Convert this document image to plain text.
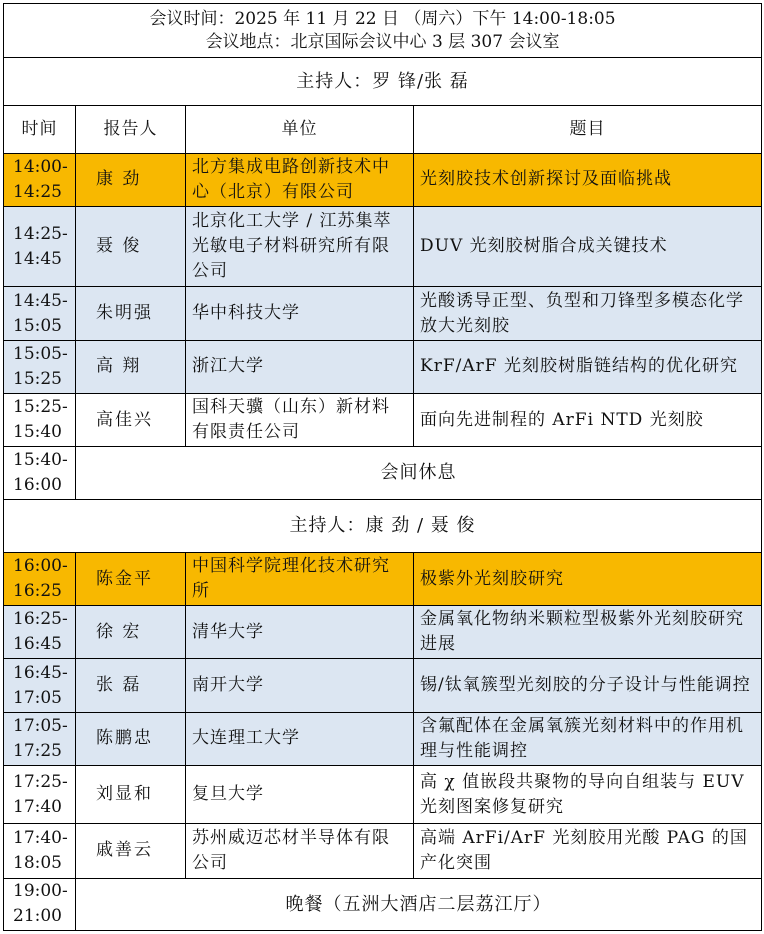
会议时间：2025 年 11 月 22 日 （周六）下午 14:00-18:05
会议地点：北京国际会议中心 3 层 307 会议室			

主持人：罗 锋/张 磊			
时间	报告人	单位	题目

14:00-
14:25	康 劲	北方集成电路创新技术中心（北京）有限公司	光刻胶技术创新探讨及面临挑战

14:25-
14:45	聂 俊	北京化工大学 / 江苏集萃光敏电子材料研究所有限公司	DUV 光刻胶树脂合成关键技术

14:45-
15:05	朱明强	华中科技大学	光酸诱导正型、负型和刀锋型多模态化学放大光刻胶

15:05-
15:25	高 翔	浙江大学	KrF/ArF 光刻胶树脂链结构的优化研究

15:25-
15:40	高佳兴	国科天骥（山东）新材料有限责任公司	面向先进制程的 ArFi NTD 光刻胶

15:40-
16:00	会间休息		
主持人：康 劲 / 聂 俊			

16:00-
16:25	陈金平	中国科学院理化技术研究所	极紫外光刻胶研究

16:25-
16:45	徐 宏	清华大学	金属氧化物纳米颗粒型极紫外光刻胶研究进展

16:45-
17:05	张 磊	南开大学	锡/钛氧簇型光刻胶的分子设计与性能调控

17:05-
17:25	陈鹏忠	大连理工大学	含氟配体在金属氧簇光刻材料中的作用机理与性能调控

17:25-
17:40	刘显和	复旦大学	高 χ 值嵌段共聚物的导向自组装与 EUV 光刻图案修复研究

17:40-
18:05	戚善云	苏州威迈芯材半导体有限公司	高端 ArFi/ArF 光刻胶用光酸 PAG 的国产化突围

19:00-
21:00	晚餐（五洲大酒店二层荔江厅）		
